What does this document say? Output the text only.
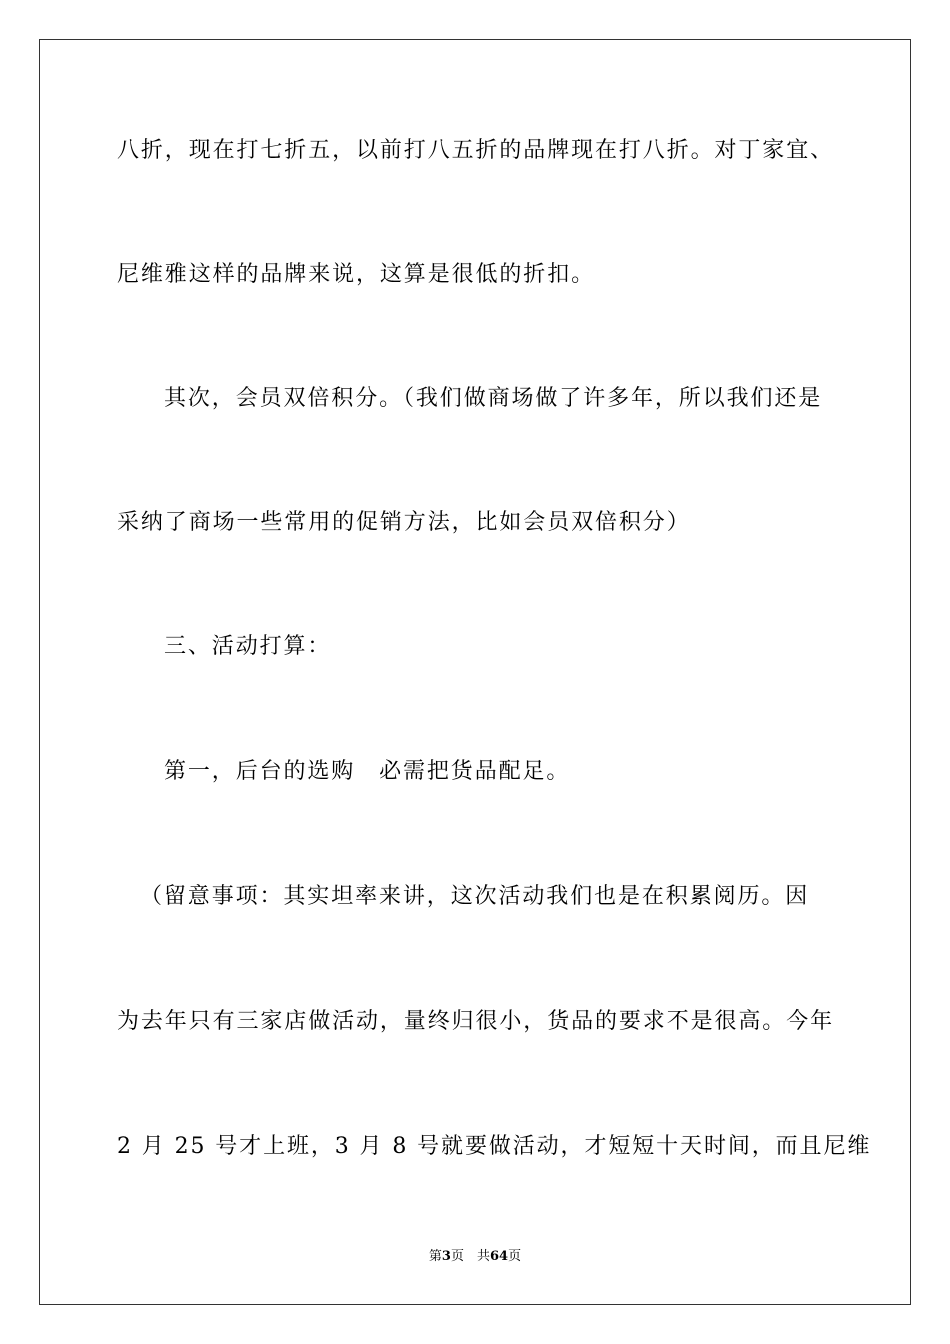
八折，现在打七折五，以前打八五折的品牌现在打八折。对丁家宜、
尼维雅这样的品牌来说，这算是很低的折扣。
其次，会员双倍积分。（我们做商场做了许多年，所以我们还是
采纳了商场一些常用的促销方法，比如会员双倍积分）
三、活动打算：
第一，后台的选购　必需把货品配足。
（留意事项：其实坦率来讲，这次活动我们也是在积累阅历。因
为去年只有三家店做活动，量终归很小，货品的要求不是很高。今年
2 月 25 号才上班，3 月 8 号就要做活动，才短短十天时间，而且尼维
第3页　共64页
